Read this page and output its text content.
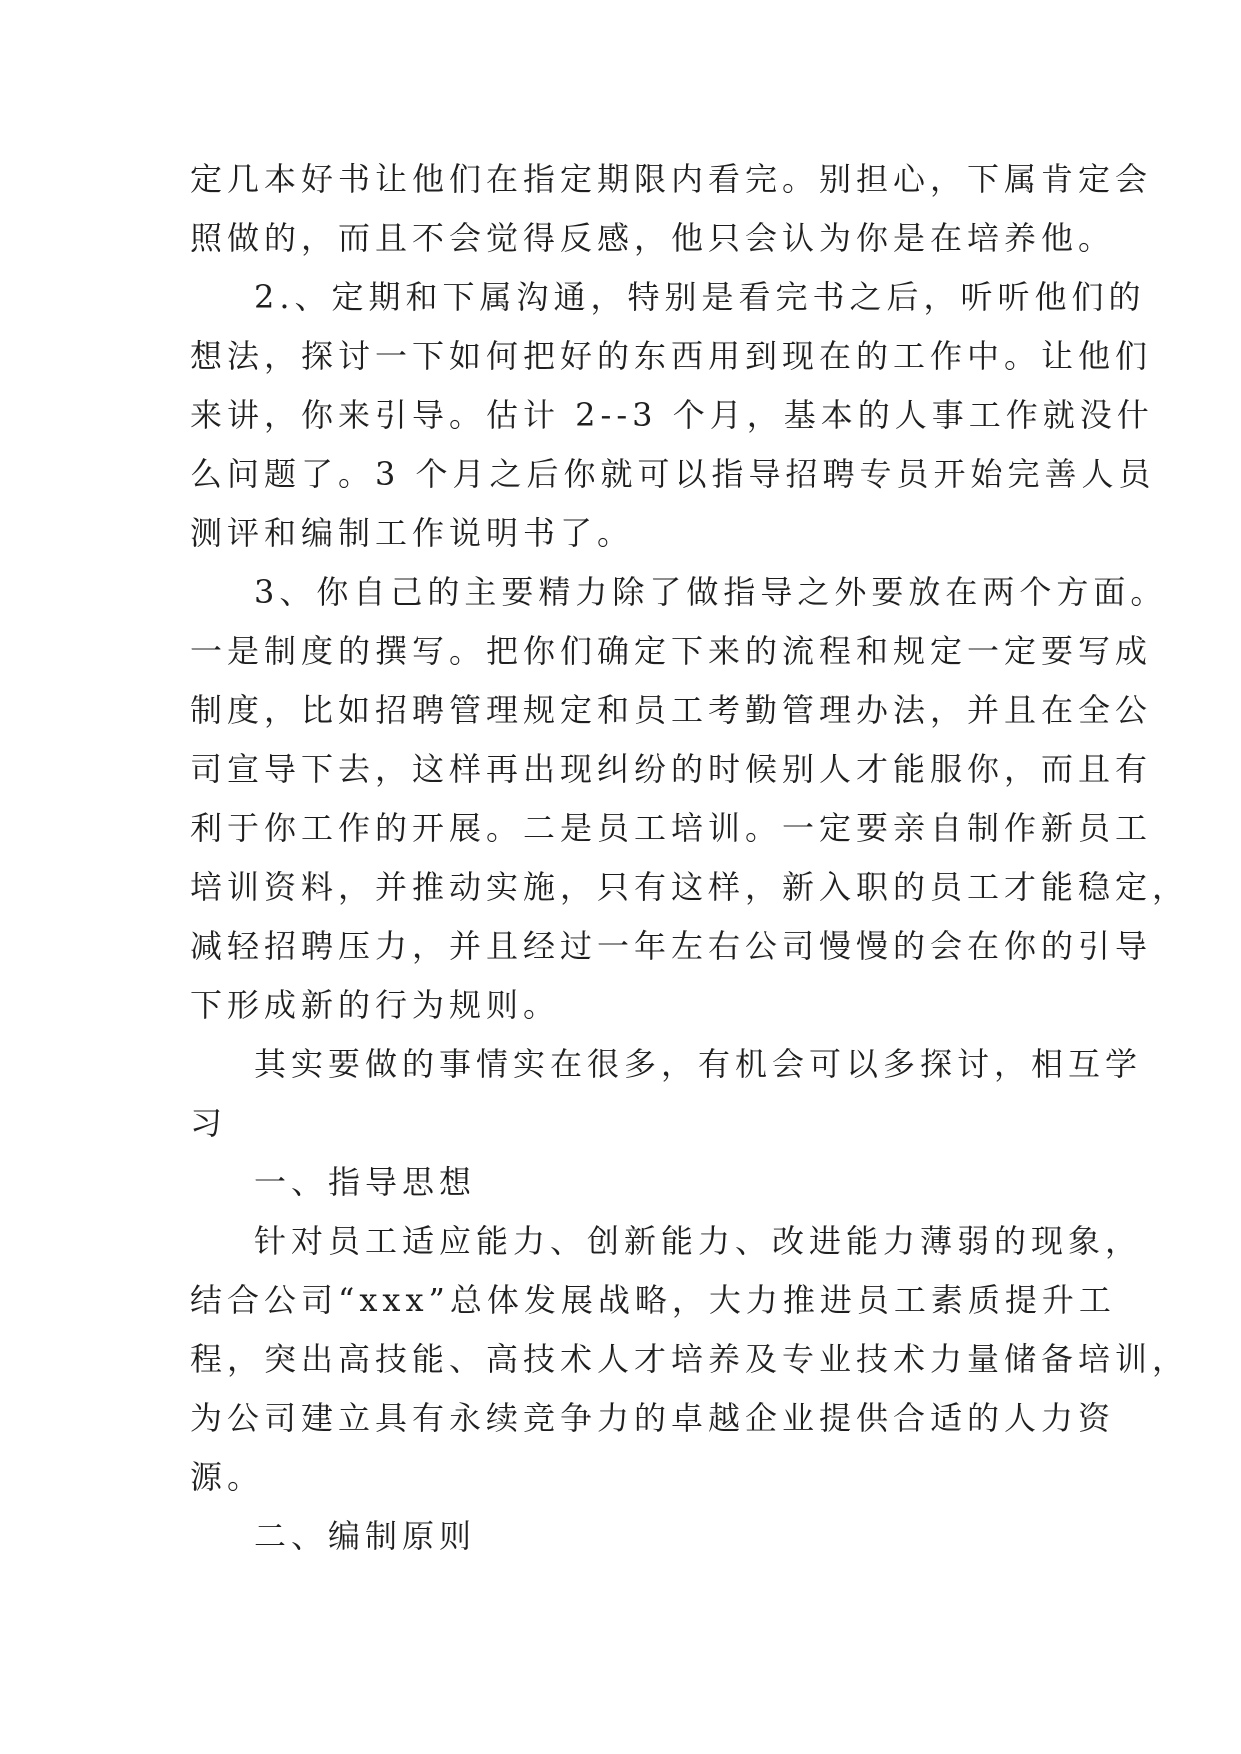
定几本好书让他们在指定期限内看完。别担心，下属肯定会
照做的，而且不会觉得反感，他只会认为你是在培养他。
2.、定期和下属沟通，特别是看完书之后，听听他们的
想法，探讨一下如何把好的东西用到现在的工作中。让他们
来讲，你来引导。估计 2--3 个月，基本的人事工作就没什
么问题了。3 个月之后你就可以指导招聘专员开始完善人员
测评和编制工作说明书了。
3、你自己的主要精力除了做指导之外要放在两个方面。
一是制度的撰写。把你们确定下来的流程和规定一定要写成
制度，比如招聘管理规定和员工考勤管理办法，并且在全公
司宣导下去，这样再出现纠纷的时候别人才能服你，而且有
利于你工作的开展。二是员工培训。一定要亲自制作新员工
培训资料，并推动实施，只有这样，新入职的员工才能稳定，
减轻招聘压力，并且经过一年左右公司慢慢的会在你的引导
下形成新的行为规则。
其实要做的事情实在很多，有机会可以多探讨，相互学
习
一、指导思想
针对员工适应能力、创新能力、改进能力薄弱的现象，
结合公司“xxx”总体发展战略，大力推进员工素质提升工
程，突出高技能、高技术人才培养及专业技术力量储备培训，
为公司建立具有永续竞争力的卓越企业提供合适的人力资
源。
二、编制原则
